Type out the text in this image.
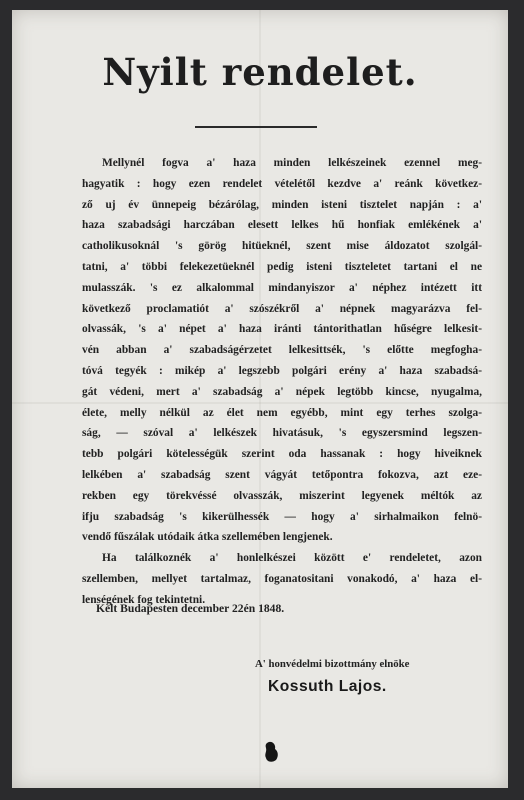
Nyilt rendelet.
Mellynél fogva a' haza minden lelkészeinek ezennel meg-
hagyatik : hogy ezen rendelet vételétől kezdve a' reánk következ-
ző uj év ünnepeig bézárólag, minden isteni tisztelet napján : a'
haza szabadsági harczában elesett lelkes hű honfiak emlékének a'
catholikusoknál 's görög hitüeknél, szent mise áldozatot szolgál-
tatni, a' többi felekezetüeknél pedig isteni tiszteletet tartani el ne
mulasszák. 's ez alkalommal mindanyiszor a' néphez intézett itt
következő proclamatiót a' szószékről a' népnek magyarázva fel-
olvassák, 's a' népet a' haza iránti tántorithatlan hűségre lelkesit-
vén abban a' szabadságérzetet lelkesittsék, 's előtte megfogha-
tóvá tegyék : mikép a' legszebb polgári erény a' haza szabadsá-
gát védeni, mert a' szabadság a' népek legtöbb kincse, nyugalma,
élete, melly nélkül az élet nem egyébb, mint egy terhes szolga-
ság, — szóval a' lelkészek hivatásuk, 's egyszersmind legszen-
tebb polgári kötelességük szerint oda hassanak : hogy hiveiknek
lelkében a' szabadság szent vágyát tetőpontra fokozva, azt eze-
rekben egy törekvéssé olvasszák, miszerint legyenek méltók az
ifju szabadság 's kikerülhessék — hogy a' sirhalmaikon felnö-
vendő fűszálak utódaik átka szellemében lengjenek.
Ha találkoznék a' honlelkészei között e' rendeletet, azon
szellemben, mellyet tartalmaz, foganatositani vonakodó, a' haza el-
lenségének fog tekintetni.
Kelt Budapesten december 22én 1848.
A' honvédelmi bizottmány elnöke
Kossuth Lajos.
